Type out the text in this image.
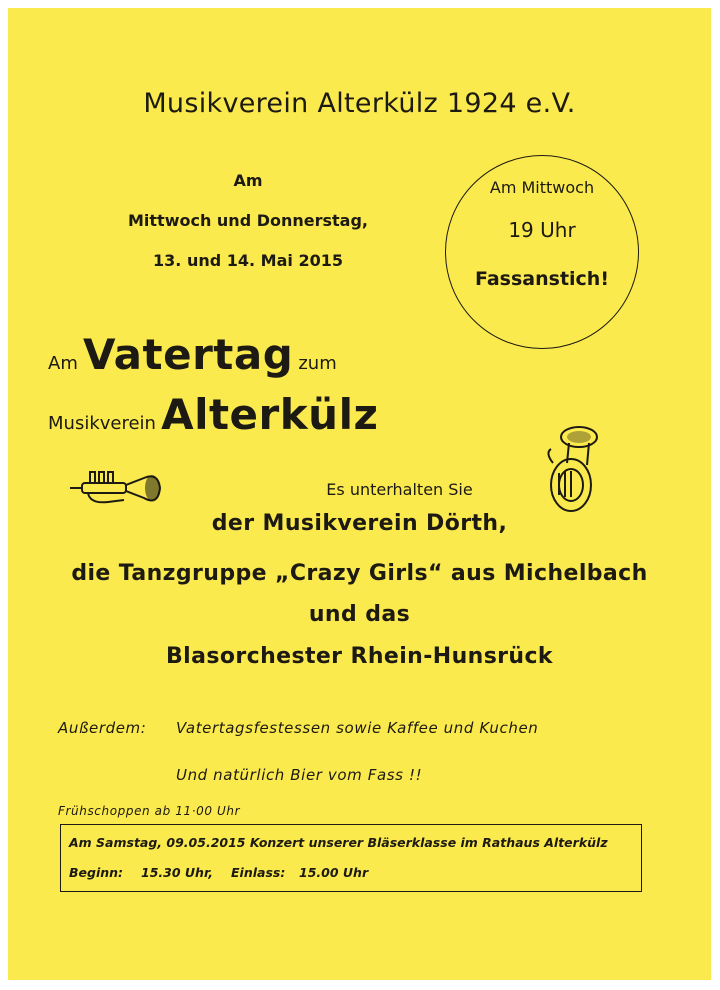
Musikverein Alterkülz 1924 e.V.
Am
Mittwoch und Donnerstag,
13. und 14. Mai 2015
Am Mittwoch
19 Uhr
Fassanstich!
Am Vatertag zum
Musikverein Alterkülz
Es unterhalten Sie
der Musikverein Dörth,
die Tanzgruppe „Crazy Girls“ aus Michelbach
und das
Blasorchester Rhein-Hunsrück
Außerdem: Vatertagsfestessen sowie Kaffee und Kuchen
Und natürlich Bier vom Fass !!
Frühschoppen ab 11·00 Uhr
Am Samstag, 09.05.2015 Konzert unserer Bläserklasse im Rathaus Alterkülz
Beginn: 15.30 Uhr, Einlass: 15.00 Uhr
